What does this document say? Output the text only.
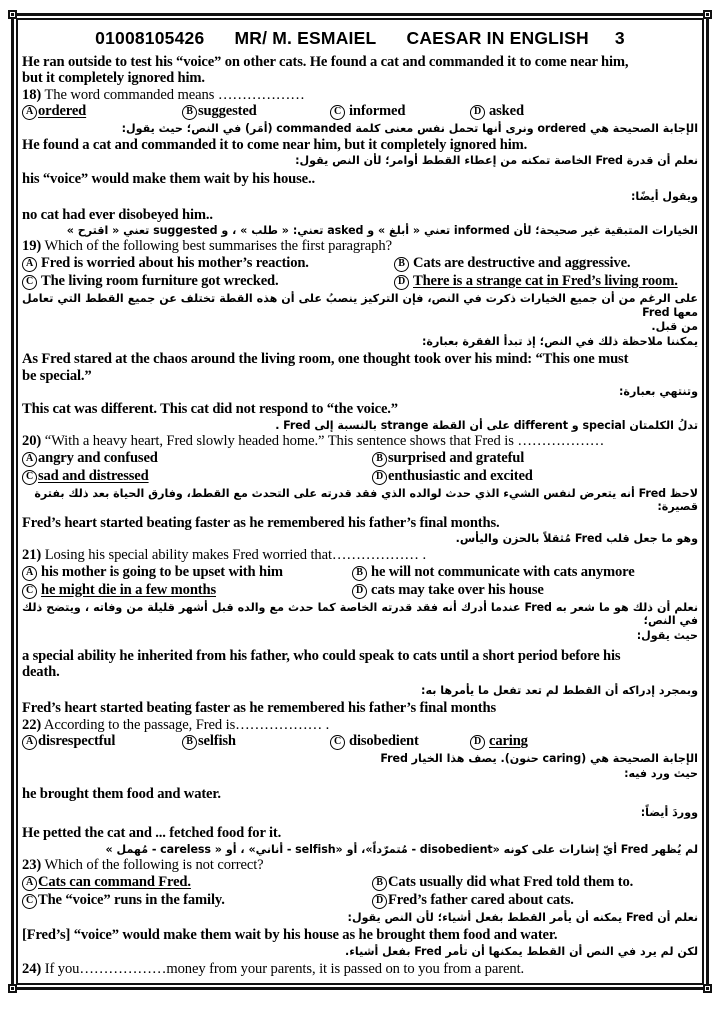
01008105426 MR/ M. ESMAIEL CAESAR IN ENGLISH 3

He ran outside to test his “voice” on other cats. He found a cat and commanded it to come near him,

but it completely ignored him.

18) The word commanded means ………………

A ordered	B suggested	C informed	D asked

الإجابة الصحيحة هي ordered ونرى أنها تحمل نفس معنى كلمة commanded (أمَر) في النص؛ حيث يقول:

He found a cat and commanded it to come near him, but it completely ignored him.

نعلم أن قدرة Fred الخاصة تمكنه من إعطاء القطط أوامر؛ لأن النص يقول:

his “voice” would make them wait by his house..

ويقول أيضًا:

no cat had ever disobeyed him..

الخيارات المتبقية غير صحيحة؛ لأن informed تعني « أبلغ » و asked تعني: « طلب » ، و suggested تعني « اقترح »

19) Which of the following best summarises the first paragraph?

A Fred is worried about his mother’s reaction.	B Cats are destructive and aggressive.
C The living room furniture got wrecked.	D There is a strange cat in Fred’s living room.

على الرغم من أن جميع الخيارات ذكرت في النص، فإن التركيز ينصبُ على أن هذه القطة تختلف عن جميع القطط التي تعامل معها Fred

من قبل.

يمكننا ملاحظة ذلك في النص؛ إذ تبدأ الفقرة بعبارة:

As Fred stared at the chaos around the living room, one thought took over his mind: “This one must

be special.”

وتنتهي بعبارة:

This cat was different. This cat did not respond to “the voice.”

تدلُ الكلمتان special و different على أن القطة strange بالنسبة إلى Fred .

20) “With a heavy heart, Fred slowly headed home.” This sentence shows that Fred is ………………

A angry and confused	B surprised and grateful
C sad and distressed	D enthusiastic and excited

لاحظ Fred أنه يتعرض لنفس الشيء الذي حدث لوالده الذي فقد قدرته على التحدث مع القطط، وفارق الحياة بعد ذلك بفترة قصيرة:

Fred’s heart started beating faster as he remembered his father’s final months.

وهو ما جعل قلب Fred مُثقلاً بالحزن واليأس.

21) Losing his special ability makes Fred worried that……………… .

A his mother is going to be upset with him	B he will not communicate with cats anymore
C he might die in a few months	D cats may take over his house

نعلم أن ذلك هو ما شعر به Fred عندما أدرك أنه فقد قدرته الخاصة كما حدث مع والده قبل أشهر قليلة من وفاته ، ويتضح ذلك في النص؛

حيث يقول:

a special ability he inherited from his father, who could speak to cats until a short period before his

death.

وبمجرد إدراكه أن القطط لم تعد تفعل ما يأمرها به:

Fred’s heart started beating faster as he remembered his father’s final months

22) According to the passage, Fred is……………… .

A disrespectful	B selfish	C disobedient	D caring

الإجابة الصحيحة هي (caring حنون). يصف هذا الخيار Fred

حيث ورد فيه:

he brought them food and water.

ووردَ أيضاً:

He petted the cat and ... fetched food for it.

لم يُظهر Fred أيّ إشارات على كونه «disobedient - مُتمرّداً»، أو «selfish - أناني» ، أو « careless - مُهمل »

23) Which of the following is not correct?

A Cats can command Fred.	B Cats usually did what Fred told them to.
C The “voice” runs in the family.	D Fred’s father cared about cats.

نعلم أن Fred يمكنه أن يأمر القطط بفعل أشياء؛ لأن النص يقول:

[Fred’s] “voice” would make them wait by his house as he brought them food and water.

لكن لم يرد في النص أن القطط يمكنها أن تأمر Fred بفعل أشياء.

24) If you………………money from your parents, it is passed on to you from a parent.
